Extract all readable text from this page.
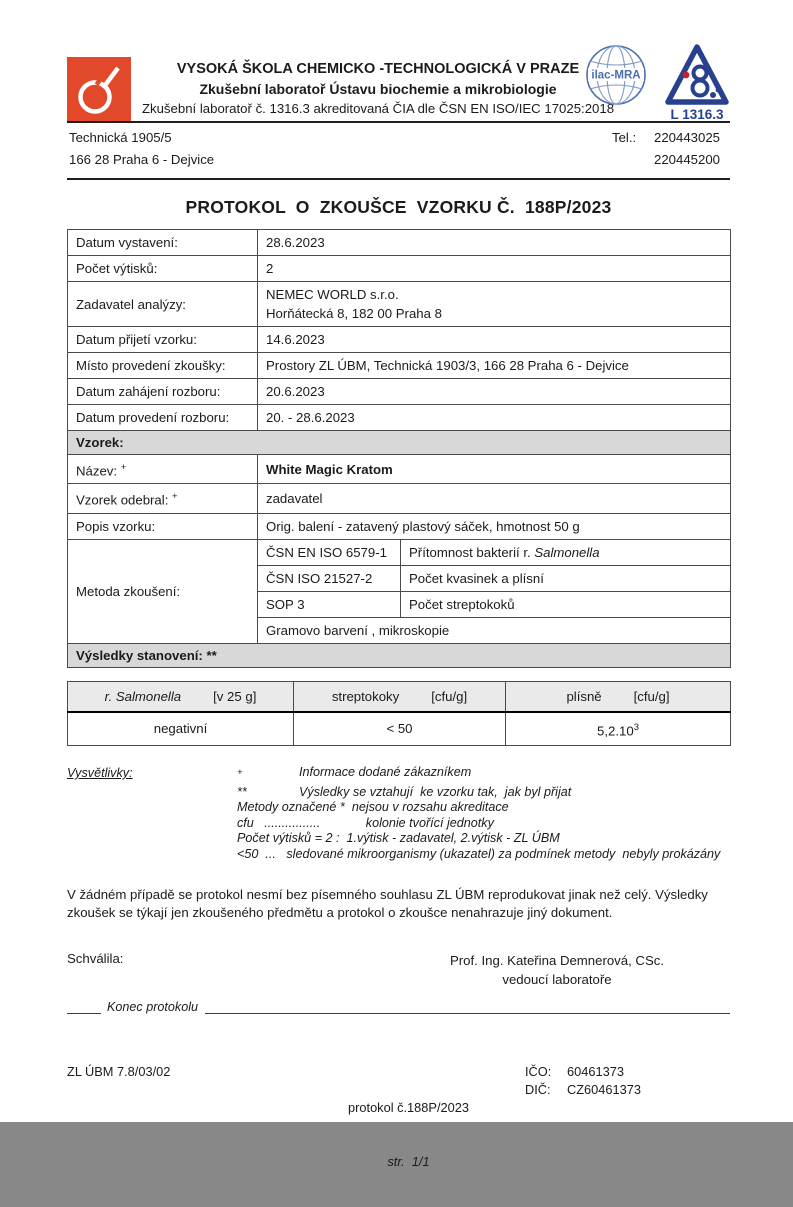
VYSOKÁ ŠKOLA CHEMICKO -TECHNOLOGICKÁ V PRAZE
Zkušební laboratoř Ústavu biochemie a mikrobiologie
Zkušební laboratoř č. 1316.3 akreditovaná ČIA dle ČSN EN ISO/IEC 17025:2018
ilac-MRA
L 1316.3
Technická 1905/5	Tel.: 220443025
166 28 Praha 6 - Dejvice	220445200
PROTOKOL  O  ZKOUŠCE  VZORKU Č.  188P/2023
Datum vystavení:	28.6.2023	
Počet výtisků:	2	
Zadavatel analýzy:	NEMEC WORLD s.r.o.
Horňátecká 8, 182 00 Praha 8	

Datum přijetí vzorku:	14.6.2023	
Místo provedení zkoušky:	Prostory ZL ÚBM, Technická 1903/3, 166 28 Praha 6 - Dejvice	
Datum zahájení rozboru:	20.6.2023	
Datum provedení rozboru:	20. - 28.6.2023	
Vzorek:		
Název: +	White Magic Kratom	
Vzorek odebral: +	zadavatel	
Popis vzorku:	Orig. balení - zatavený plastový sáček, hmotnost 50 g	
Metoda zkoušení:	ČSN EN ISO 6579-1	Přítomnost bakterií r. Salmonella
	ČSN ISO 21527-2	Počet kvasinek a plísní
	SOP 3	Počet streptokoků
	Gramovo barvení , mikroskopie	
Výsledky stanovení: **		
r. Salmonella [v 25 g]	streptokoky [cfu/g]	plísně [cfu/g]

negativní	< 50	5,2.10$^3$
Vysvětlivky:	+	Informace dodané zákazníkem
**	Výsledky se vztahují  ke vzorku tak,  jak byl přijat
Metody označené *  nejsou v rozsahu akreditace
cfu   ................             kolonie tvořící jednotky
Počet výtisků = 2 :  1.výtisk - zadavatel, 2.výtisk - ZL ÚBM
<50  ...   sledované mikroorganismy (ukazatel) za podmínek metody  nebyly prokázány
V žádném případě se protokol nesmí bez písemného souhlasu ZL ÚBM reprodukovat jinak než celý. Výsledky zkoušek se týkají jen zkoušeného předmětu a protokol o zkoušce nenahrazuje jiný dokument.
Schválila:	Prof. Ing. Kateřina Demnerová, CSc.
vedoucí laboratoře
Konec protokolu
ZL ÚBM 7.8/03/02

protokol č.188P/2023

str.  1/1

IČO: 60461373
DIČ:	CZ60461373
